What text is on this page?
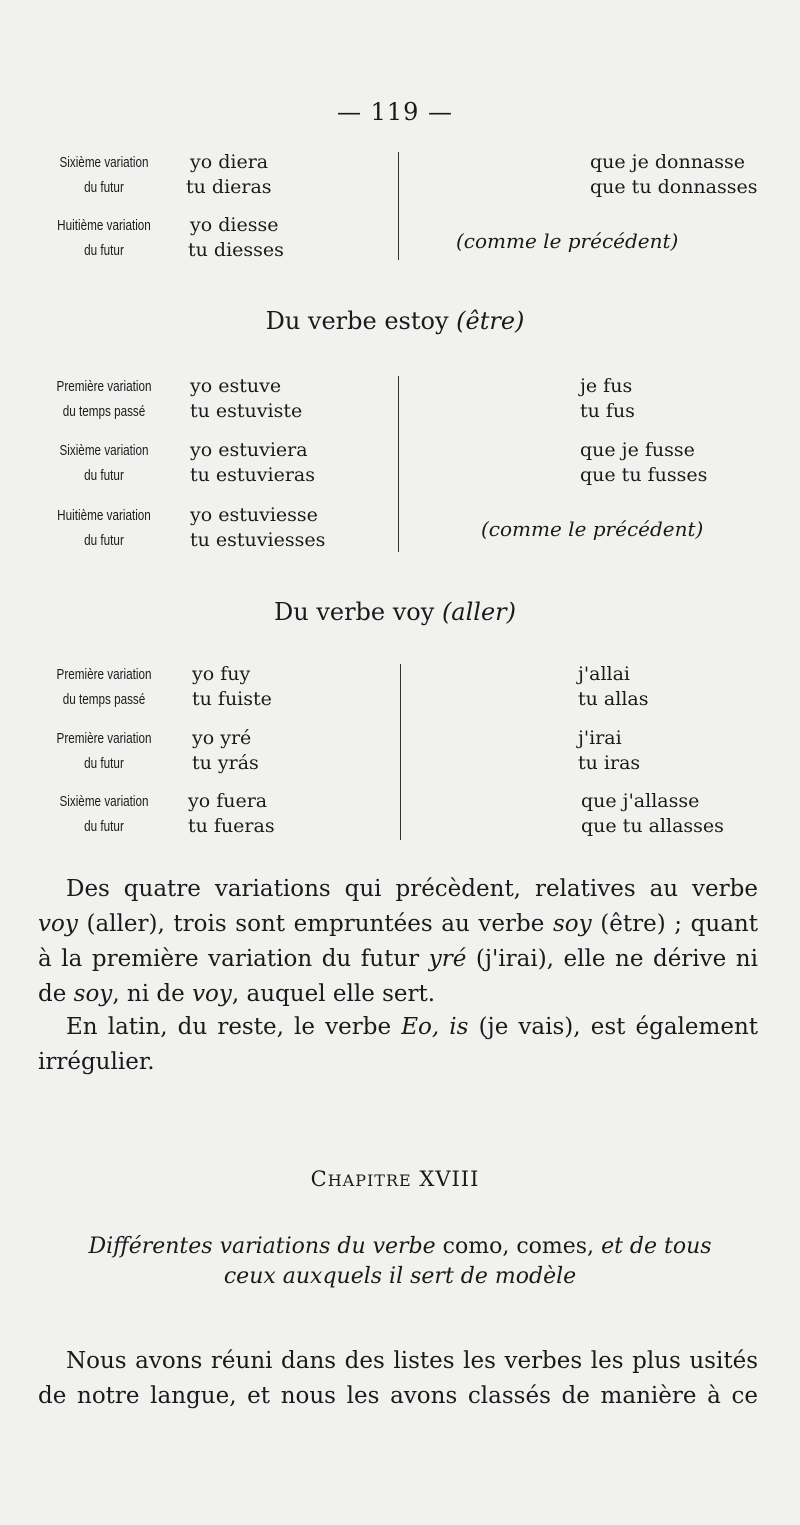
— 119 —
Sixième variation
du futur
yo diera
tu dieras
que je donnasse
que tu donnasses
Huitième variation
du futur
yo diesse
tu diesses	(comme le précédent)
Du verbe estoy (être)
Première variation
du temps passé
yo estuve
tu estuviste
je fus
tu fus
Sixième variation
du futur
yo estuviera
tu estuvieras
que je fusse
que tu fusses
Huitième variation
du futur
yo estuviesse
tu estuviesses	(comme le précédent)
Du verbe voy (aller)
Première variation
du temps passé
yo fuy
tu fuiste
j'allai
tu allas
Première variation
du futur
yo yré
tu yrás
j'irai
tu iras
Sixième variation
du futur
yo fuera
tu fueras
que j'allasse
que tu allasses
Des quatre variations qui précèdent, relatives au verbe
voy (aller), trois sont empruntées au verbe soy (être) ; quant
à la première variation du futur yré (j'irai), elle ne dérive ni
de soy, ni de voy, auquel elle sert.
En latin, du reste, le verbe Eo, is (je vais), est également
irrégulier.
CHAPITRE XVIII
Différentes variations du verbe como, comes, et de tous
ceux auxquels il sert de modèle
Nous avons réuni dans des listes les verbes les plus usités
de notre langue, et nous les avons classés de manière à ce
